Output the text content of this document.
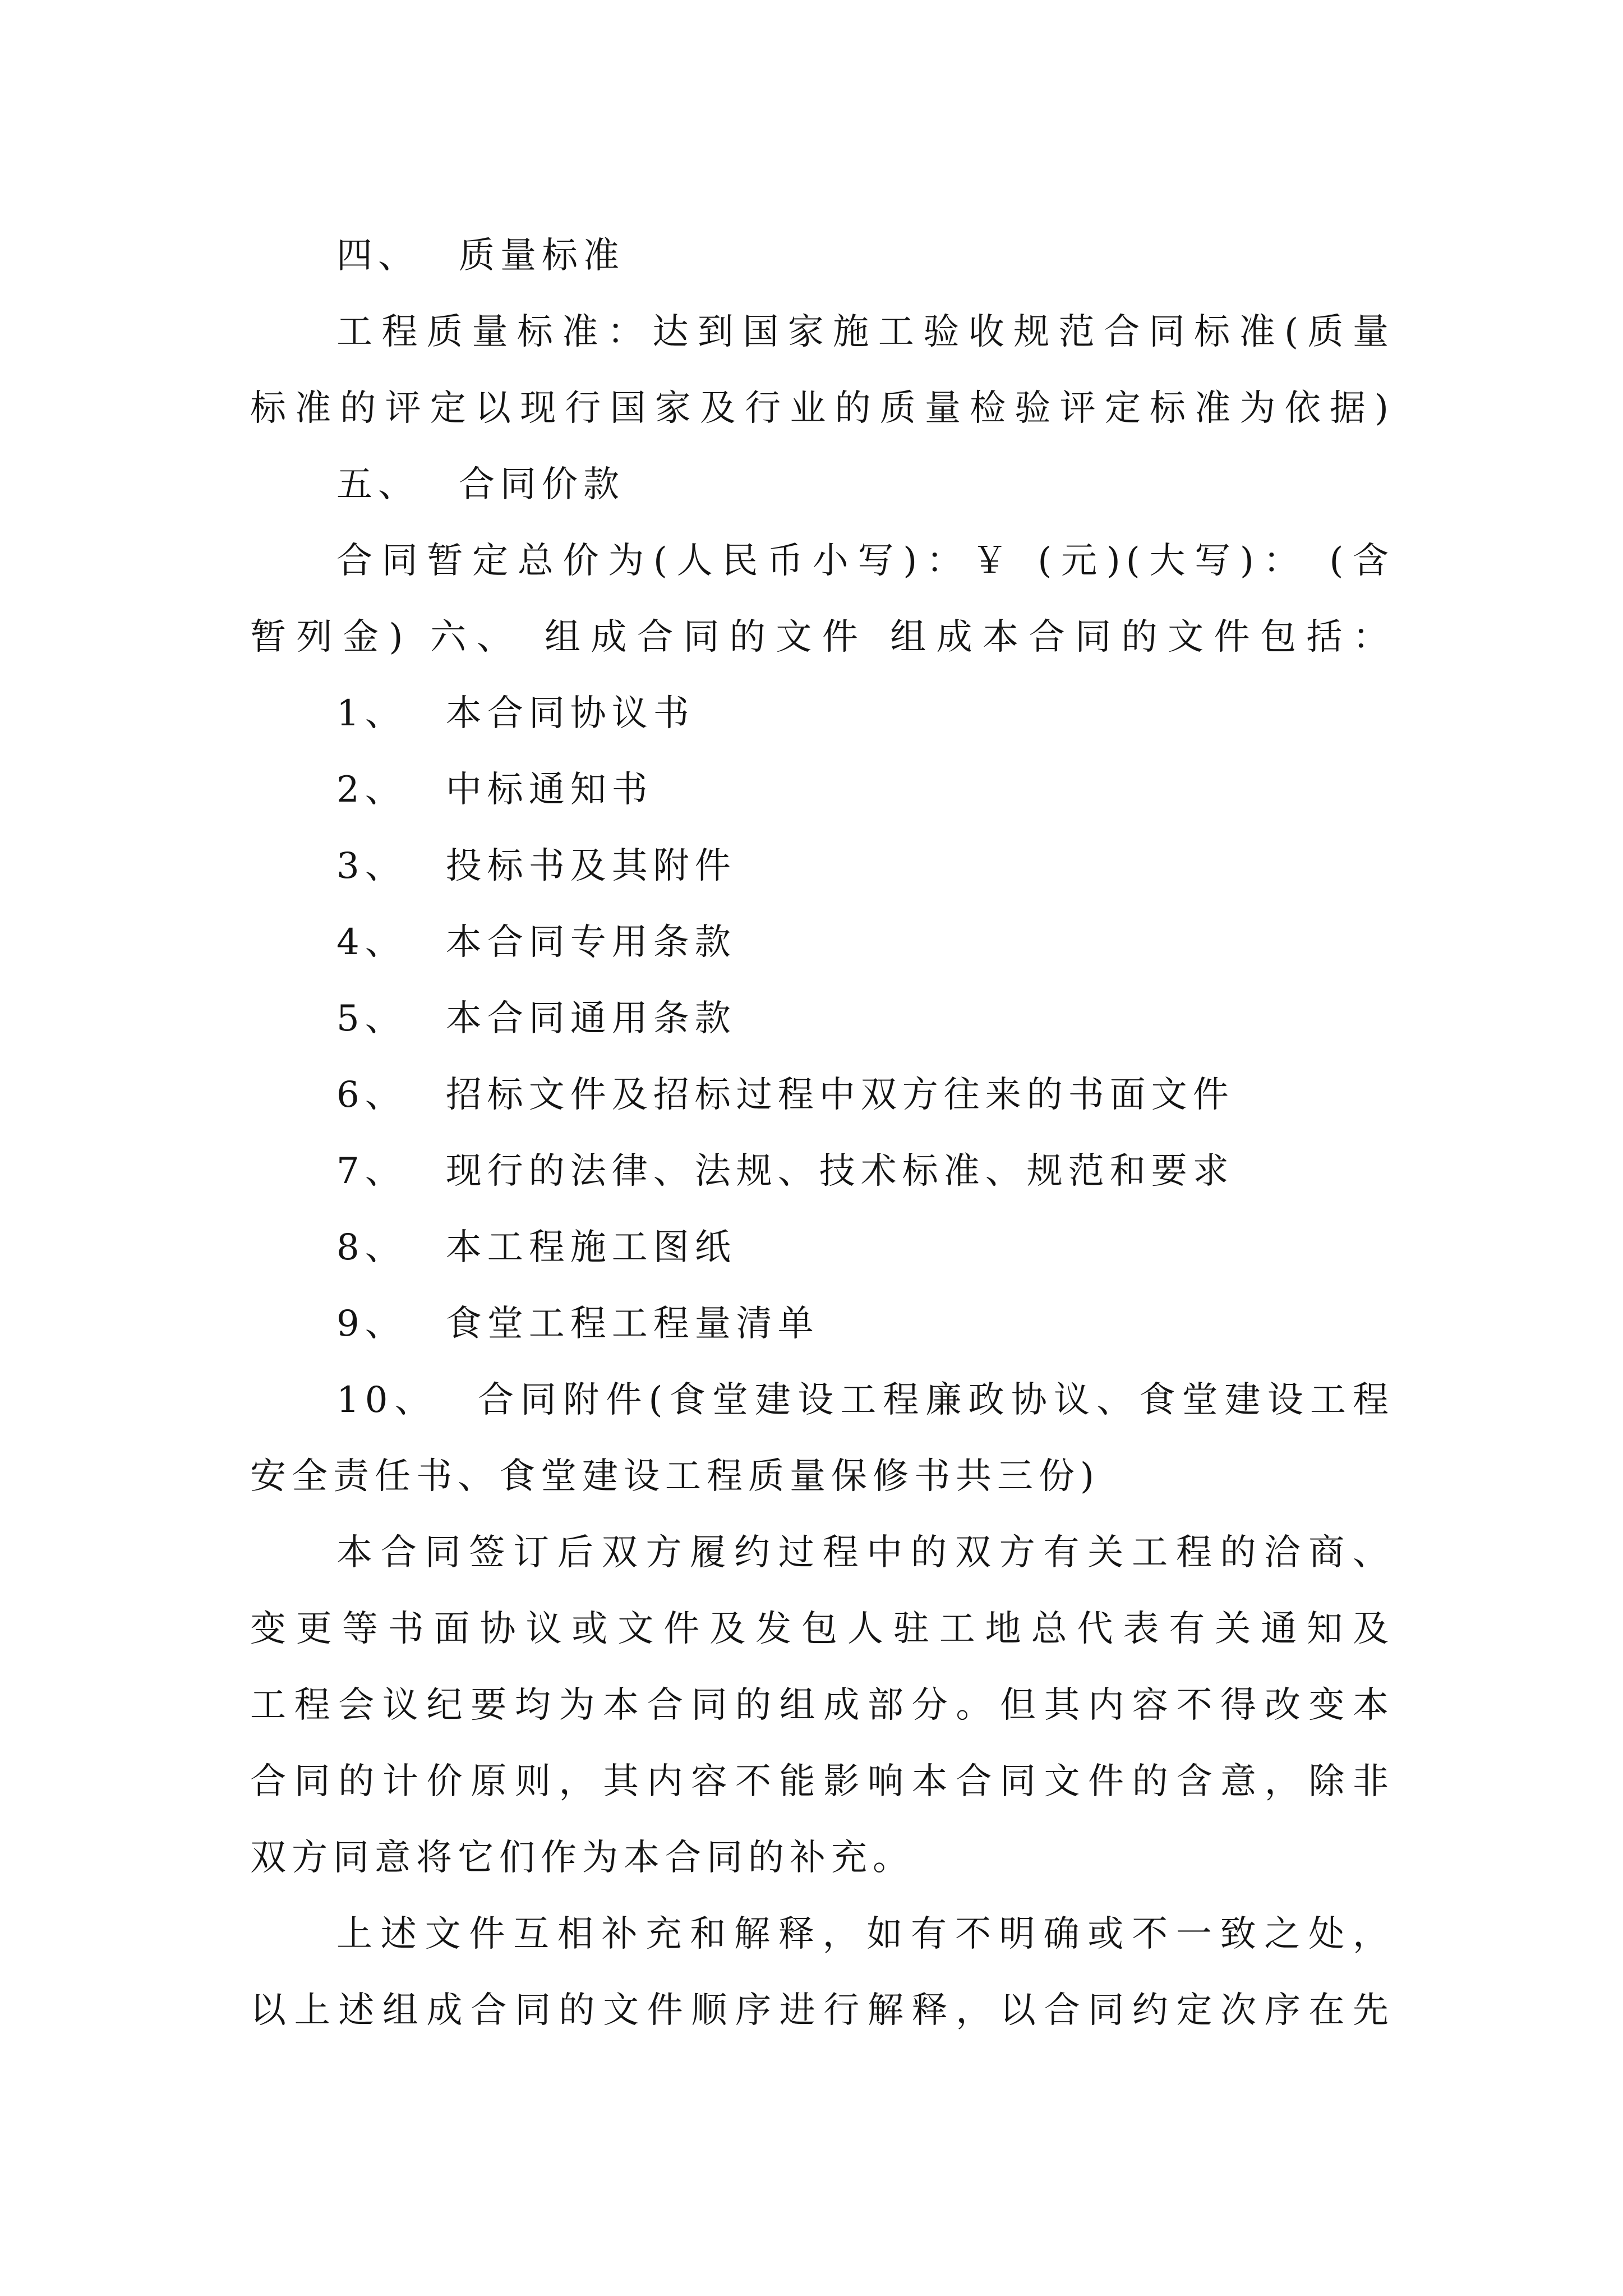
四、 质量标准
工程质量标准：达到国家施工验收规范合同标准(质量
标准的评定以现行国家及行业的质量检验评定标准为依据)
五、 合同价款
合同暂定总价为(人民币小写)：￥ (元)(大写)： (含
暂列金) 六、 组成合同的文件 组成本合同的文件包括：
1、 本合同协议书
2、 中标通知书
3、 投标书及其附件
4、 本合同专用条款
5、 本合同通用条款
6、 招标文件及招标过程中双方往来的书面文件
7、 现行的法律、法规、技术标准、规范和要求
8、 本工程施工图纸
9、 食堂工程工程量清单
10、 合同附件(食堂建设工程廉政协议、食堂建设工程
安全责任书、食堂建设工程质量保修书共三份)
本合同签订后双方履约过程中的双方有关工程的洽商、
变更等书面协议或文件及发包人驻工地总代表有关通知及
工程会议纪要均为本合同的组成部分。但其内容不得改变本
合同的计价原则，其内容不能影响本合同文件的含意，除非
双方同意将它们作为本合同的补充。
上述文件互相补充和解释，如有不明确或不一致之处，
以上述组成合同的文件顺序进行解释，以合同约定次序在先
